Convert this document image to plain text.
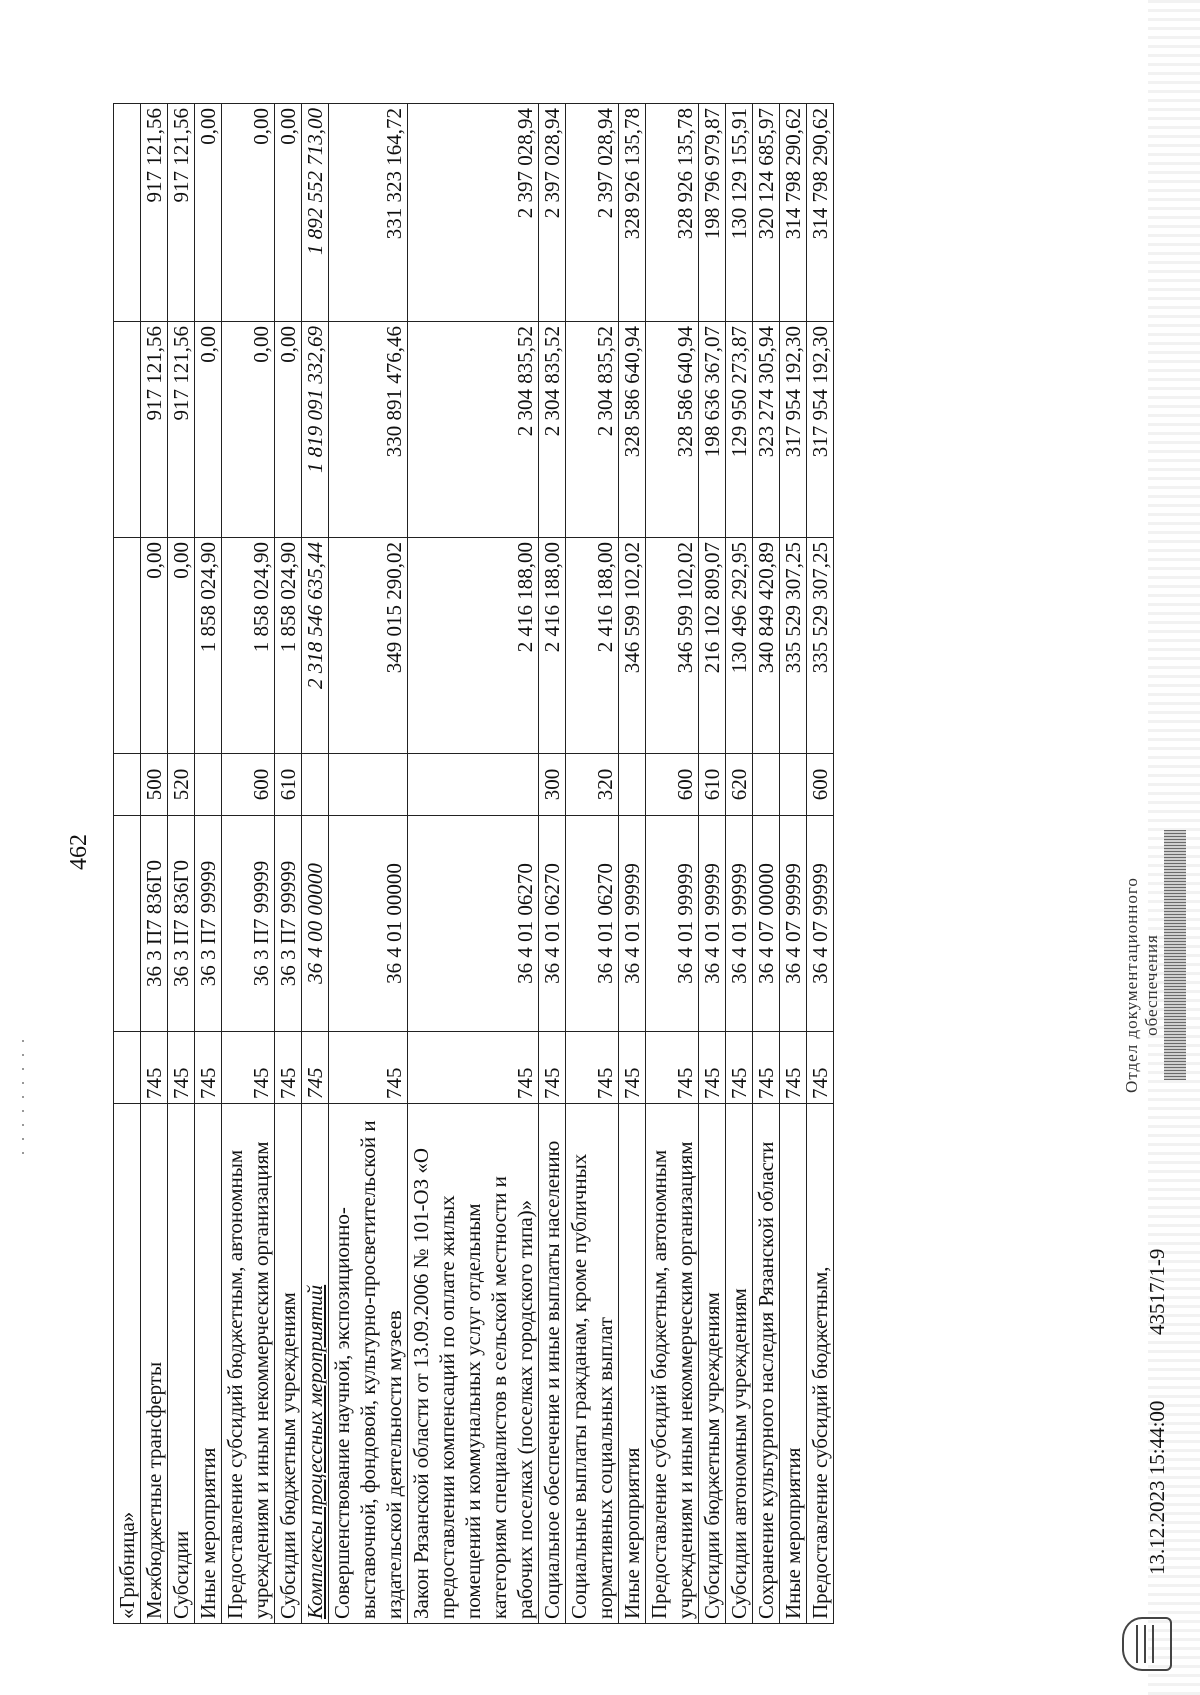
462
«Грибница»						
Межбюджетные трансферты	745	36 3 П7 836Г0	500	0,00	917 121,56	917 121,56
Субсидии	745	36 3 П7 836Г0	520	0,00	917 121,56	917 121,56
Иные мероприятия	745	36 3 П7 99999		1 858 024,90	0,00	0,00
Предоставление субсидий бюджетным, автономным учреждениям и иным некоммерческим организациям	745	36 3 П7 99999	600	1 858 024,90	0,00	0,00
Субсидии бюджетным учреждениям	745	36 3 П7 99999	610	1 858 024,90	0,00	0,00
Комплексы процессных мероприятий	745	36 4 00 00000		2 318 546 635,44	1 819 091 332,69	1 892 552 713,00
Совершенствование научной, экспозиционно-выставочной, фондовой, культурно-просветительской и издательской деятельности музеев	745	36 4 01 00000		349 015 290,02	330 891 476,46	331 323 164,72
Закон Рязанской области от 13.09.2006 № 101-ОЗ «О предоставлении компенсаций по оплате жилых помещений и коммунальных услуг отдельным категориям специалистов в сельской местности и рабочих поселках (поселках городского типа)»	745	36 4 01 06270		2 416 188,00	2 304 835,52	2 397 028,94
Социальное обеспечение и иные выплаты населению	745	36 4 01 06270	300	2 416 188,00	2 304 835,52	2 397 028,94
Социальные выплаты гражданам, кроме публичных нормативных социальных выплат	745	36 4 01 06270	320	2 416 188,00	2 304 835,52	2 397 028,94
Иные мероприятия	745	36 4 01 99999		346 599 102,02	328 586 640,94	328 926 135,78
Предоставление субсидий бюджетным, автономным учреждениям и иным некоммерческим организациям	745	36 4 01 99999	600	346 599 102,02	328 586 640,94	328 926 135,78
Субсидии бюджетным учреждениям	745	36 4 01 99999	610	216 102 809,07	198 636 367,07	198 796 979,87
Субсидии автономным учреждениям	745	36 4 01 99999	620	130 496 292,95	129 950 273,87	130 129 155,91
Сохранение культурного наследия Рязанской области	745	36 4 07 00000		340 849 420,89	323 274 305,94	320 124 685,97
Иные мероприятия	745	36 4 07 99999		335 529 307,25	317 954 192,30	314 798 290,62
Предоставление субсидий бюджетным,	745	36 4 07 99999	600	335 529 307,25	317 954 192,30	314 798 290,62
13.12.2023 15:44:00
43517/1-9
Отдел документационного обеспечения
